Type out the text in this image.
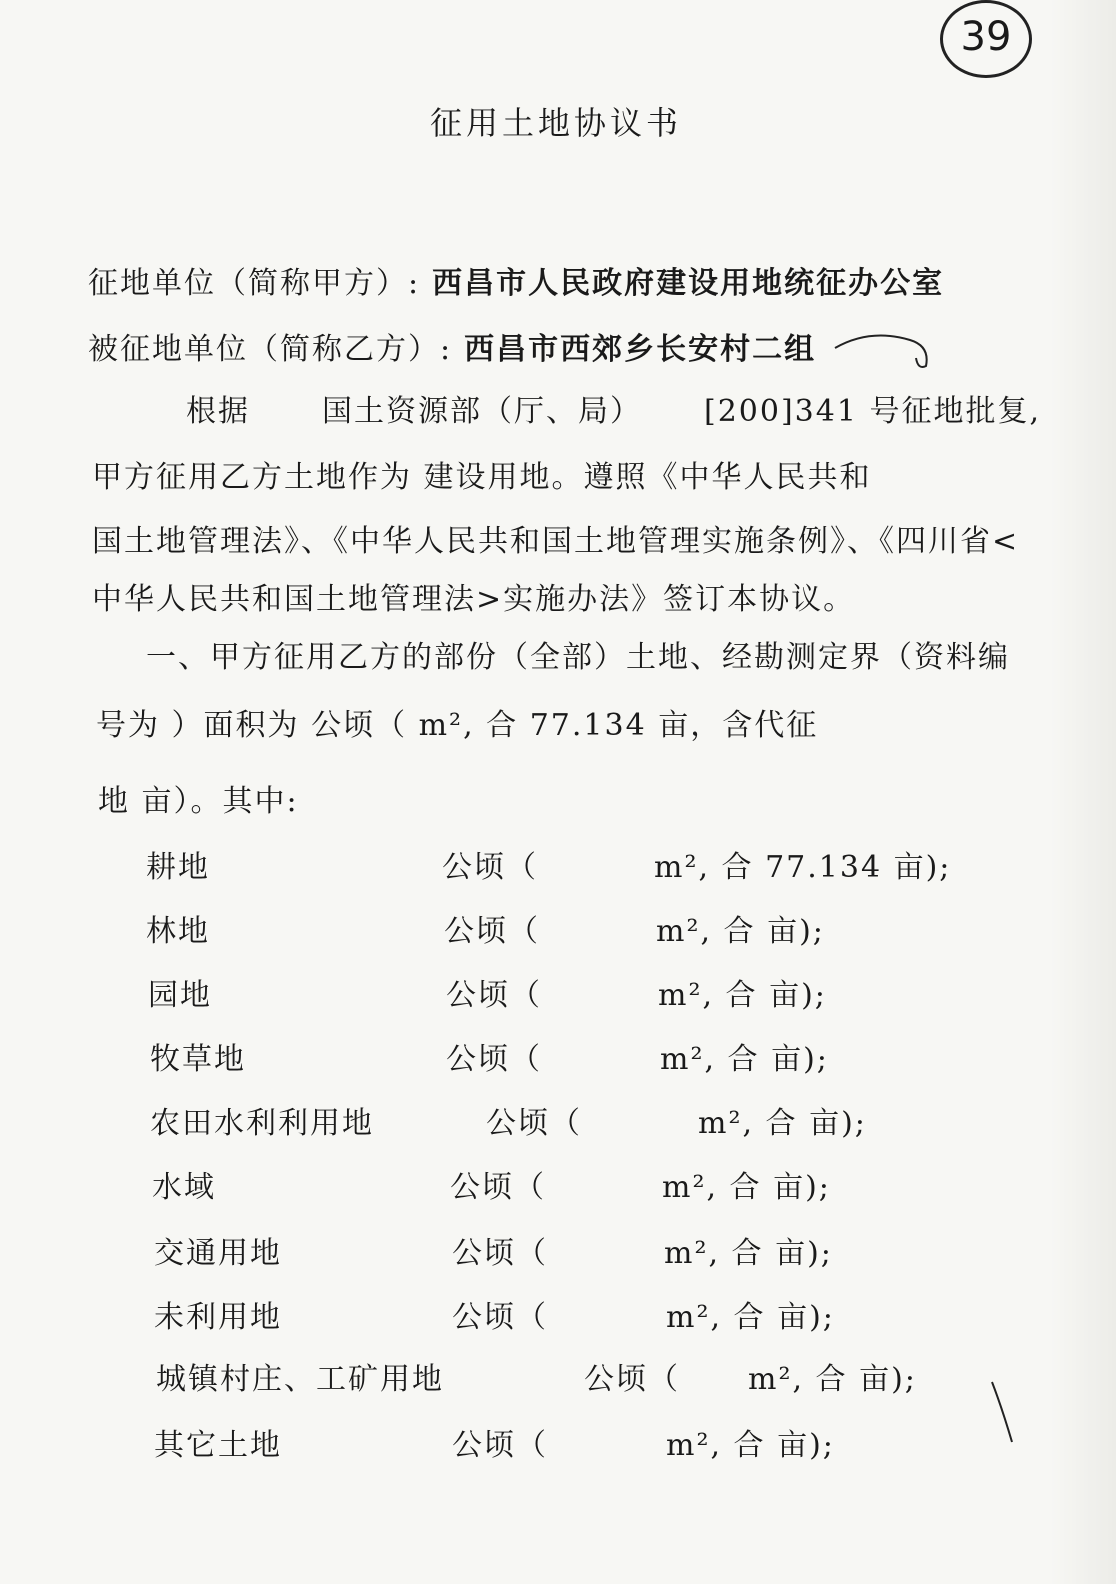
39
征用土地协议书
征地单位（简称甲方）: 西昌市人民政府建设用地统征办公室
被征地单位（简称乙方）: 西昌市西郊乡长安村二组
根据 国土资源部（厅、局） [200]341 号征地批复,
甲方征用乙方土地作为 建设用地。遵照《中华人民共和
国土地管理法》、《中华人民共和国土地管理实施条例》、《四川省<
中华人民共和国土地管理法>实施办法》签订本协议。
一、甲方征用乙方的部份（全部）土地、经勘测定界（资料编
号为 ）面积为 公顷（ m², 合 77.134 亩，含代征
地 亩）。其中:
耕地	公顷（	m², 合 77.134 亩);
林地	公顷（	m², 合 亩);
园地	公顷（	m², 合 亩);
牧草地	公顷（	m², 合 亩);
农田水利利用地	公顷（	m², 合 亩);
水域	公顷（	m², 合 亩);
交通用地	公顷（	m², 合 亩);
未利用地	公顷（	m², 合 亩);
城镇村庄、工矿用地	公顷（ m², 合 亩);
其它土地	公顷（	m², 合 亩);
